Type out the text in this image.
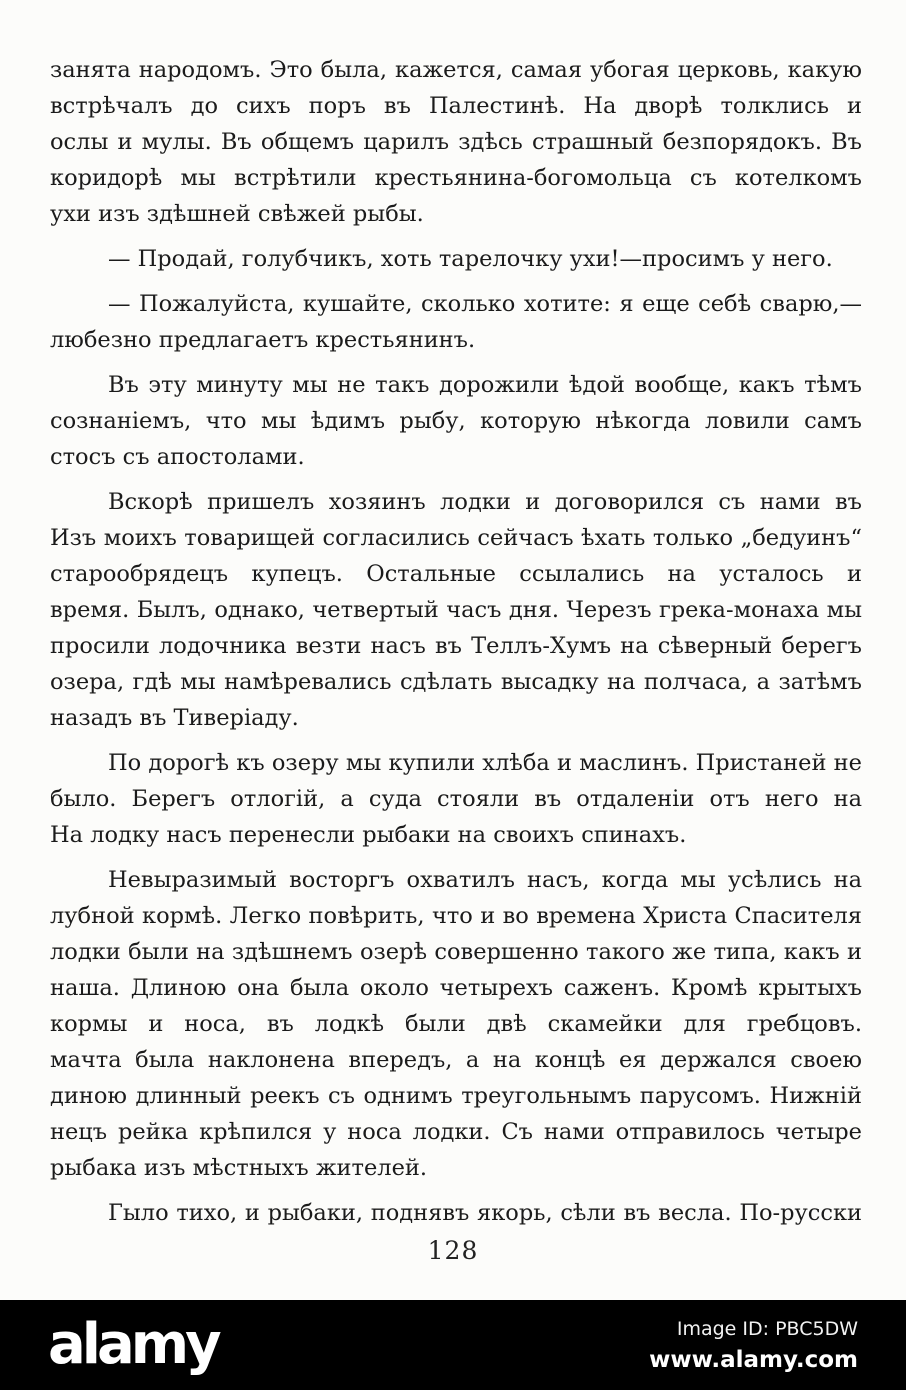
занята народомъ. Это была, кажется, самая убогая церковь, какую
встрѣчалъ до сихъ поръ въ Палестинѣ. На дворѣ толклись и
ослы и мулы. Въ общемъ царилъ здѣсь страшный безпорядокъ. Въ
коридорѣ мы встрѣтили крестьянина-богомольца съ котелкомъ
ухи изъ здѣшней свѣжей рыбы.
— Продай, голубчикъ, хоть тарелочку ухи!—просимъ у него.
— Пожалуйста, кушайте, сколько хотите: я еще себѣ сварю,—
любезно предлагаетъ крестьянинъ.
Въ эту минуту мы не такъ дорожили ѣдой вообще, какъ тѣмъ
сознаніемъ, что мы ѣдимъ рыбу, которую нѣкогда ловили самъ
стосъ съ апостолами.
Вскорѣ пришелъ хозяинъ лодки и договорился съ нами въ
Изъ моихъ товарищей согласились сейчасъ ѣхать только „бедуинъ“
старообрядецъ купецъ. Остальные ссылались на усталось и
время. Былъ, однако, четвертый часъ дня. Черезъ грека-монаха мы
просили лодочника везти насъ въ Теллъ-Хумъ на сѣверный берегъ
озера, гдѣ мы намѣревались сдѣлать высадку на полчаса, а затѣмъ
назадъ въ Тиверіаду.
По дорогѣ къ озеру мы купили хлѣба и маслинъ. Пристаней не
было. Берегъ отлогій, а суда стояли въ отдаленіи отъ него на
На лодку насъ перенесли рыбаки на своихъ спинахъ.
Невыразимый восторгъ охватилъ насъ, когда мы усѣлись на
лубной кормѣ. Легко повѣрить, что и во времена Христа Спасителя
лодки были на здѣшнемъ озерѣ совершенно такого же типа, какъ и
наша. Длиною она была около четырехъ саженъ. Кромѣ крытыхъ
кормы и носа, въ лодкѣ были двѣ скамейки для гребцовъ.
мачта была наклонена впередъ, а на концѣ ея держался своею
диною длинный реекъ съ однимъ треугольнымъ парусомъ. Нижній
нецъ рейка крѣпился у носа лодки. Съ нами отправилось четыре
рыбака изъ мѣстныхъ жителей.
Гыло тихо, и рыбаки, поднявъ якорь, сѣли въ весла. По-русски
128
alamy	Image ID: PBC5DW
www.alamy.com
